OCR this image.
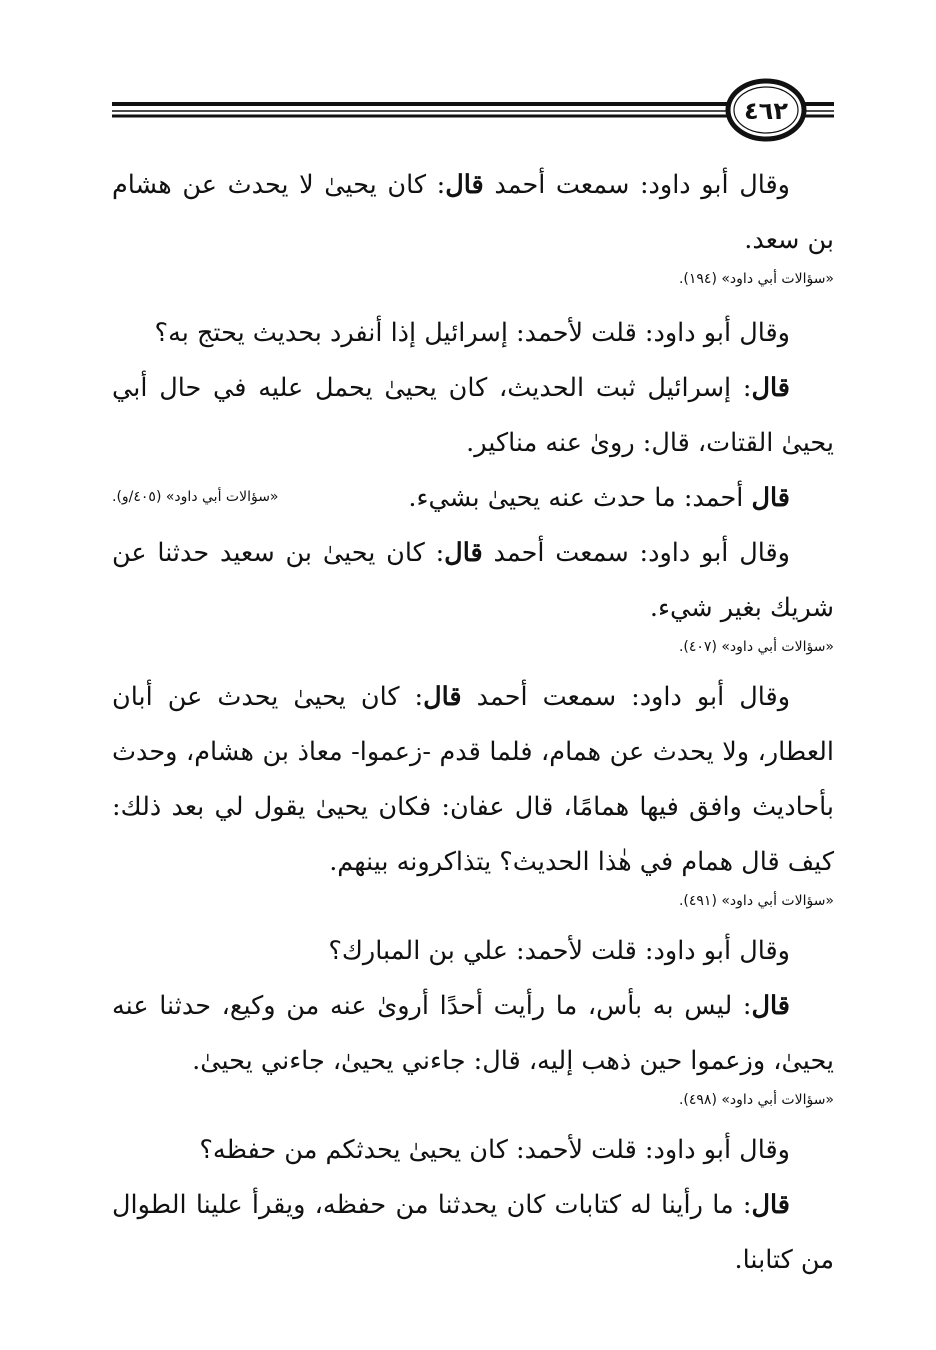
٤٦٢

وقال أبو داود: سمعت أحمد قال: كان يحيىٰ لا يحدث عن هشام بن سعد.

«سؤالات أبي داود» (١٩٤).

وقال أبو داود: قلت لأحمد: إسرائيل إذا أنفرد بحديث يحتج به؟

قال: إسرائيل ثبت الحديث، كان يحيىٰ يحمل عليه في حال أبي يحيىٰ القتات، قال: روىٰ عنه مناكير.

قال أحمد: ما حدث عنه يحيىٰ بشيء.

«سؤالات أبي داود» (٤٠٥/و).

وقال أبو داود: سمعت أحمد قال: كان يحيىٰ بن سعيد حدثنا عن شريك بغير شيء.

«سؤالات أبي داود» (٤٠٧).

وقال أبو داود: سمعت أحمد قال: كان يحيىٰ يحدث عن أبان العطار، ولا يحدث عن همام، فلما قدم -زعموا- معاذ بن هشام، وحدث بأحاديث وافق فيها همامًا، قال عفان: فكان يحيىٰ يقول لي بعد ذلك: كيف قال همام في هٰذا الحديث؟ يتذاكرونه بينهم.

«سؤالات أبي داود» (٤٩١).

وقال أبو داود: قلت لأحمد: علي بن المبارك؟

قال: ليس به بأس، ما رأيت أحدًا أروىٰ عنه من وكيع، حدثنا عنه يحيىٰ، وزعموا حين ذهب إليه، قال: جاءني يحيىٰ، جاءني يحيىٰ.

«سؤالات أبي داود» (٤٩٨).

وقال أبو داود: قلت لأحمد: كان يحيىٰ يحدثكم من حفظه؟

قال: ما رأينا له كتابات كان يحدثنا من حفظه، ويقرأ علينا الطوال من كتابنا.
